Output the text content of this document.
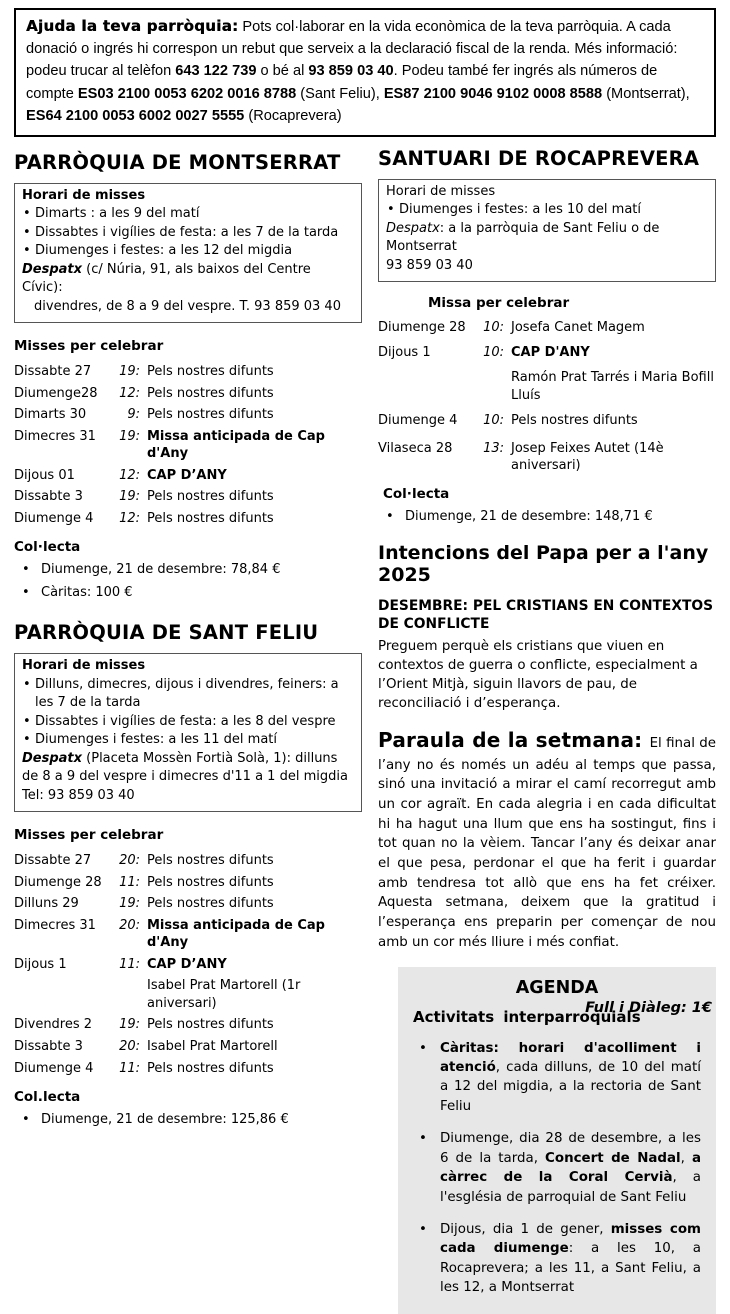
Ajuda la teva parròquia: Pots col·laborar en la vida econòmica de la teva parròquia. A cada donació o ingrés hi correspon un rebut que serveix a la declaració fiscal de la renda. Més informació: podeu trucar al telèfon 643 122 739 o bé al 93 859 03 40. Podeu també fer ingrés als números de compte ES03 2100 0053 6202 0016 8788 (Sant Feliu), ES87 2100 9046 9102 0008 8588 (Montserrat), ES64 2100 0053 6002 0027 5555 (Rocaprevera)
PARRÒQUIA DE MONTSERRAT
Horari de misses
• Dimarts : a les 9 del matí
• Dissabtes i vigílies de festa: a les 7 de la tarda
• Diumenges i festes: a les 12 del migdia
Despatx (c/ Núria, 91, als baixos del Centre Cívic):
divendres, de 8 a 9 del vespre. T. 93 859 03 40
Misses per celebrar
Dissabte 27	19: Pels nostres difunts
Diumenge28	12: Pels nostres difunts
Dimarts 30	9: Pels nostres difunts
Dimecres 31	19: Missa anticipada de Cap d'Any
Dijous 01	12: CAP D’ANY
Dissabte 3	19: Pels nostres difunts
Diumenge 4	12: Pels nostres difunts
Col·lecta
• Diumenge, 21 de desembre: 78,84 €
• Càritas: 100 €
PARRÒQUIA DE SANT FELIU
Horari de misses
• Dilluns, dimecres, dijous i divendres, feiners: a les 7 de la tarda
• Dissabtes i vigílies de festa: a les 8 del vespre
• Diumenges i festes: a les 11 del matí
Despatx (Placeta Mossèn Fortià Solà, 1): dilluns de 8 a 9 del vespre i dimecres d'11 a 1 del migdia
Tel: 93 859 03 40
Misses per celebrar
Dissabte 27	20: Pels nostres difunts
Diumenge 28	11: Pels nostres difunts
Dilluns 29	19: Pels nostres difunts
Dimecres 31	20: Missa anticipada de Cap d'Any
Dijous 1	11: CAP D’ANY
Isabel Prat Martorell (1r aniversari)
Divendres 2	19: Pels nostres difunts
Dissabte 3	20: Isabel Prat Martorell
Diumenge 4	11: Pels nostres difunts
Col.lecta
• Diumenge, 21 de desembre: 125,86 €
SANTUARI DE ROCAPREVERA
Horari de misses
• Diumenges i festes: a les 10 del matí
Despatx: a la parròquia de Sant Feliu o de Montserrat
93 859 03 40
Missa per celebrar
Diumenge 28	10: Josefa Canet Magem
Dijous 1	10: CAP D'ANY
Ramón Prat Tarrés i Maria Bofill Lluís
Diumenge 4	10: Pels nostres difunts
Vilaseca 28	13: Josep Feixes Autet (14è aniversari)
Col·lecta
• Diumenge, 21 de desembre: 148,71 €
Intencions del Papa per a l'any 2025
DESEMBRE: PEL CRISTIANS EN CONTEXTOS DE CONFLICTE
Preguem perquè els cristians que viuen en contextos de guerra o conflicte, especialment a l’Orient Mitjà, siguin llavors de pau, de reconciliació i d’esperança.
Paraula de la setmana: El final de l’any no és només un adéu al temps que passa, sinó una invitació a mirar el camí recorregut amb un cor agraït. En cada alegria i en cada dificultat hi ha hagut una llum que ens ha sostingut, fins i tot quan no la vèiem. Tancar l’any és deixar anar el que pesa, perdonar el que ha ferit i guardar amb tendresa tot allò que ens ha fet créixer. Aquesta setmana, deixem que la gratitud i l’esperança ens preparin per començar de nou amb un cor més lliure i més confiat.
AGENDA
Activitats interparroquials
• Càritas: horari d'acolliment i atenció, cada dilluns, de 10 del matí a 12 del migdia, a la rectoria de Sant Feliu
• Diumenge, dia 28 de desembre, a les 6 de la tarda, Concert de Nadal, a càrrec de la Coral Cervià, a l'església de parroquial de Sant Feliu
• Dijous, dia 1 de gener, misses com cada diumenge: a les 10, a Rocaprevera; a les 11, a Sant Feliu, a les 12, a Montserrat
Full i Diàleg: 1€
